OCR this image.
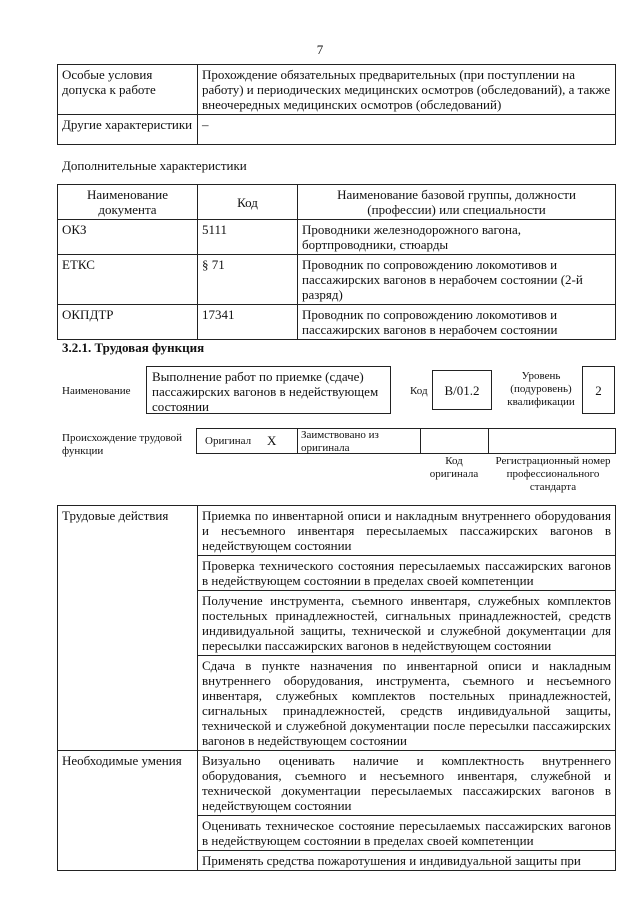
7
Особые условия допуска к работе	Прохождение обязательных предварительных (при поступлении на работу) и периодических медицинских осмотров (обследований), а также внеочередных медицинских осмотров (обследований)
Другие характеристики	–
Дополнительные характеристики
Наименование документа	Код	Наименование базовой группы, должности (профессии) или специальности
ОКЗ	5111	Проводники железнодорожного вагона, бортпроводники, стюарды
ЕТКС	§ 71	Проводник по сопровождению локомотивов и пассажирских вагонов в нерабочем состоянии (2-й разряд)
ОКПДТР	17341	Проводник по сопровождению локомотивов и пассажирских вагонов в нерабочем состоянии
3.2.1. Трудовая функция
Наименование
Выполнение работ по приемке (сдаче) пассажирских вагонов в недействующем состоянии
Код	B/01.2
Уровень (подуровень) квалификации
2
Происхождение трудовой функции
Оригинал X Заимствовано из оригинала
Код оригинала
Регистрационный номер профессионального стандарта
Трудовые действия	Приемка по инвентарной описи и накладным внутреннего оборудования и несъемного инвентаря пересылаемых пассажирских вагонов в недействующем состоянии
	Проверка технического состояния пересылаемых пассажирских вагонов в недействующем состоянии в пределах своей компетенции
	Получение инструмента, съемного инвентаря, служебных комплектов постельных принадлежностей, сигнальных принадлежностей, средств индивидуальной защиты, технической и служебной документации для пересылки пассажирских вагонов в недействующем состоянии
	Сдача в пункте назначения по инвентарной описи и накладным внутреннего оборудования, инструмента, съемного и несъемного инвентаря, служебных комплектов постельных принадлежностей, сигнальных принадлежностей, средств индивидуальной защиты, технической и служебной документации после пересылки пассажирских вагонов в недействующем состоянии
Необходимые умения	Визуально оценивать наличие и комплектность внутреннего оборудования, съемного и несъемного инвентаря, служебной и технической документации пересылаемых пассажирских вагонов в недействующем состоянии
	Оценивать техническое состояние пересылаемых пассажирских вагонов в недействующем состоянии в пределах своей компетенции
	Применять средства пожаротушения и индивидуальной защиты при
